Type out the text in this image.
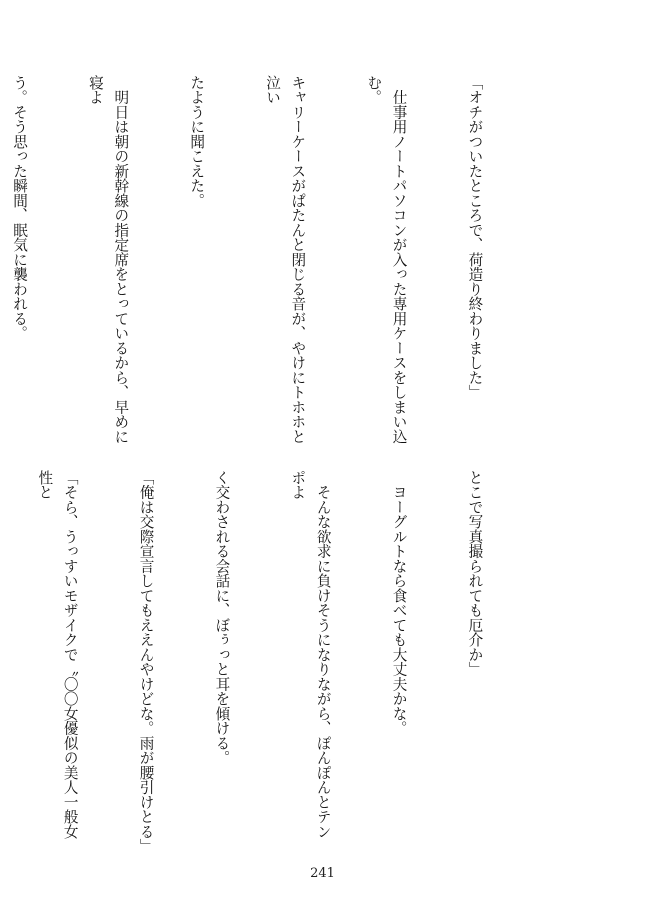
「オチがついたところで、荷造り終わりました」

　仕事用ノートパソコンが入った専用ケースをしまい込む。

キャリーケースがぱたんと閉じる音が、やけにトホホと泣い

たように聞こえた。

　明日は朝の新幹線の指定席をとっているから、早めに寝よ

う。そう思った瞬間、眠気に襲われる。

とこで写真撮られても厄介か」

　ヨーグルトなら食べても大丈夫かな。

　そんな欲求に負けそうになりながら、ぽんぽんとテンポよ

く交わされる会話に、ぼぅっと耳を傾ける。

「俺は交際宣言してもええんやけどな。雨が腰引けとる」

「そら、うっすいモザイクで〝〇〇女優似の美人一般女性と

241
